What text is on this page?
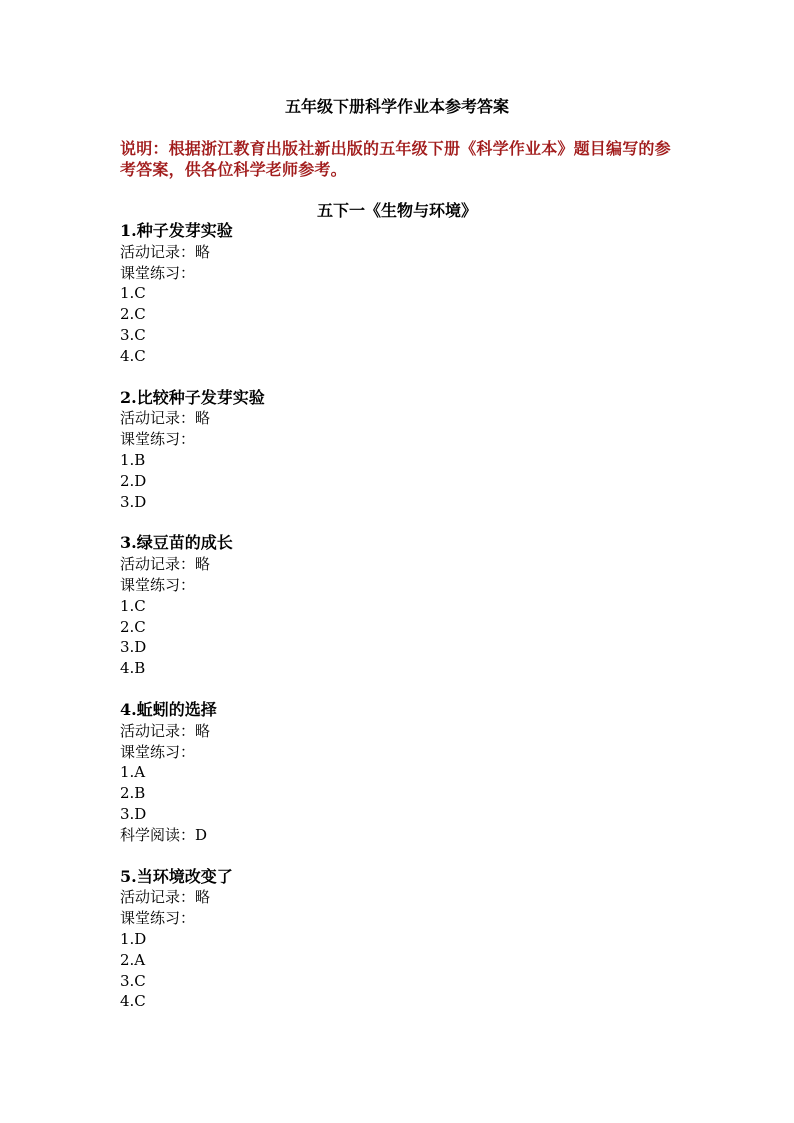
五年级下册科学作业本参考答案
说明：根据浙江教育出版社新出版的五年级下册《科学作业本》题目编写的参考答案，供各位科学老师参考。
五下一《生物与环境》
1.种子发芽实验
活动记录：略
课堂练习：
1.C
2.C
3.C
4.C
2.比较种子发芽实验
活动记录：略
课堂练习：
1.B
2.D
3.D
3.绿豆苗的成长
活动记录：略
课堂练习：
1.C
2.C
3.D
4.B
4.蚯蚓的选择
活动记录：略
课堂练习：
1.A
2.B
3.D
科学阅读：D
5.当环境改变了
活动记录：略
课堂练习：
1.D
2.A
3.C
4.C
